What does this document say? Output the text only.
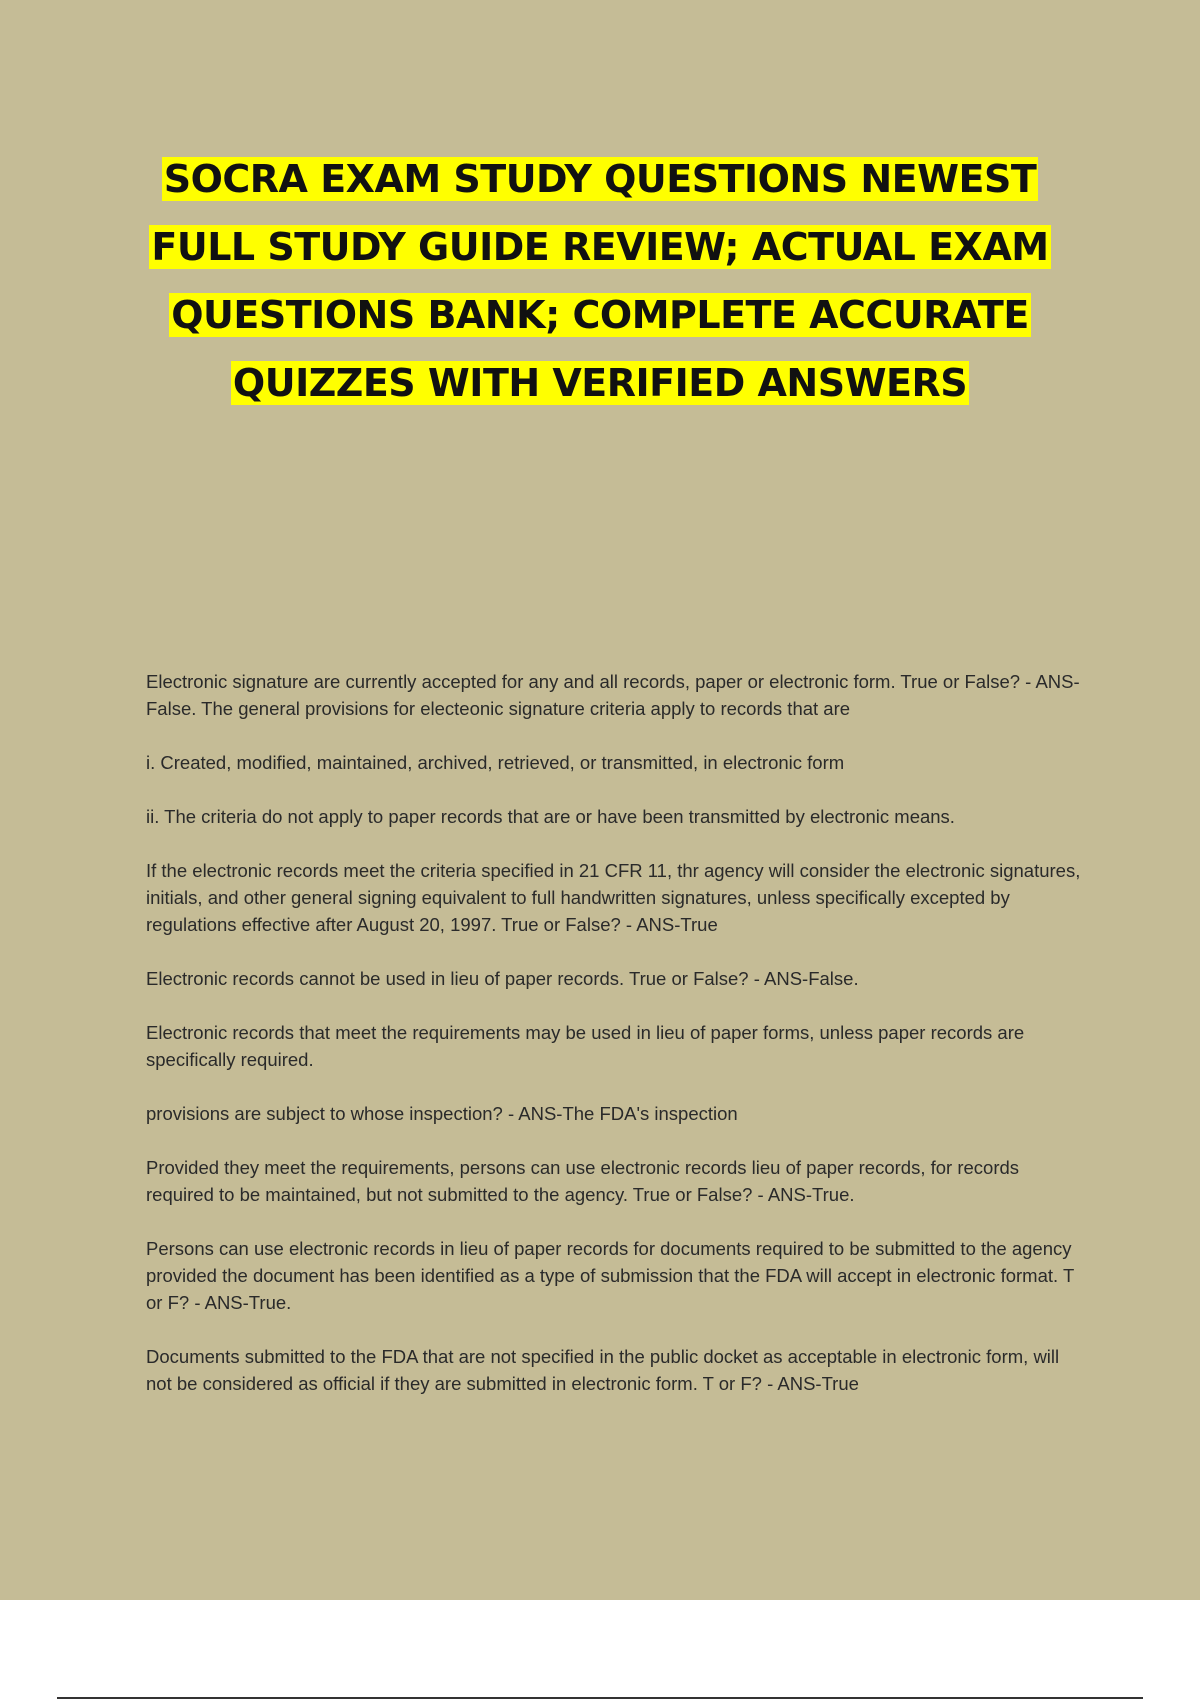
SOCRA EXAM STUDY QUESTIONS NEWEST
FULL STUDY GUIDE REVIEW; ACTUAL EXAM
QUESTIONS BANK; COMPLETE ACCURATE
QUIZZES WITH VERIFIED ANSWERS

Electronic signature are currently accepted for any and all records, paper or electronic form. True or False? - ANS-False. The general provisions for electeonic signature criteria apply to records that are

i. Created, modified, maintained, archived, retrieved, or transmitted, in electronic form

ii. The criteria do not apply to paper records that are or have been transmitted by electronic means.

If the electronic records meet the criteria specified in 21 CFR 11, thr agency will consider the electronic signatures, initials, and other general signing equivalent to full handwritten signatures, unless specifically excepted by regulations effective after August 20, 1997. True or False? - ANS-True

Electronic records cannot be used in lieu of paper records. True or False? - ANS-False.

Electronic records that meet the requirements may be used in lieu of paper forms, unless paper records are specifically required.

provisions are subject to whose inspection? - ANS-The FDA's inspection

Provided they meet the requirements, persons can use electronic records lieu of paper records, for records required to be maintained, but not submitted to the agency. True or False? - ANS-True.

Persons can use electronic records in lieu of paper records for documents required to be submitted to the agency provided the document has been identified as a type of submission that the FDA will accept in electronic format. T or F? - ANS-True.

Documents submitted to the FDA that are not specified in the public docket as acceptable in electronic form, will not be considered as official if they are submitted in electronic form. T or F? - ANS-True
